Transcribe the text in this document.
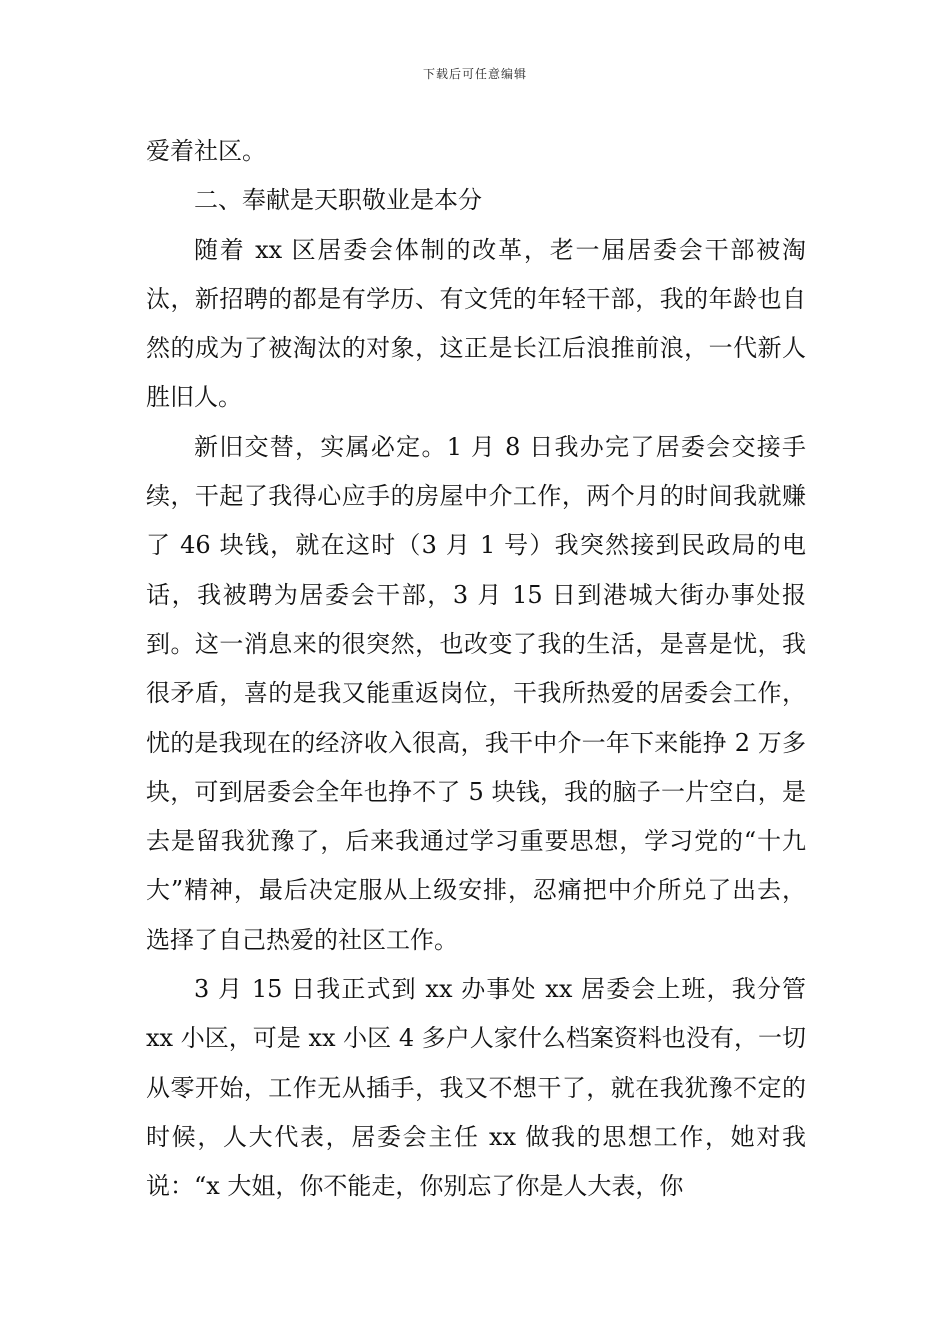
下载后可任意编辑

爱着社区。

二、奉献是天职敬业是本分

随着 xx 区居委会体制的改革，老一届居委会干部被淘汰，新招聘的都是有学历、有文凭的年轻干部，我的年龄也自然的成为了被淘汰的对象，这正是长江后浪推前浪，一代新人胜旧人。

新旧交替，实属必定。1 月 8 日我办完了居委会交接手续，干起了我得心应手的房屋中介工作，两个月的时间我就赚了 46 块钱，就在这时（3 月 1 号）我突然接到民政局的电话，我被聘为居委会干部，3 月 15 日到港城大街办事处报到。这一消息来的很突然，也改变了我的生活，是喜是忧，我很矛盾，喜的是我又能重返岗位，干我所热爱的居委会工作，忧的是我现在的经济收入很高，我干中介一年下来能挣 2 万多块，可到居委会全年也挣不了 5 块钱，我的脑子一片空白，是去是留我犹豫了，后来我通过学习重要思想，学习党的“十九大”精神，最后决定服从上级安排，忍痛把中介所兑了出去，选择了自己热爱的社区工作。

3 月 15 日我正式到 xx 办事处 xx 居委会上班，我分管 xx 小区，可是 xx 小区 4 多户人家什么档案资料也没有，一切从零开始，工作无从插手，我又不想干了，就在我犹豫不定的时候，人大代表，居委会主任 xx 做我的思想工作，她对我说：“x 大姐，你不能走，你别忘了你是人大表，你
